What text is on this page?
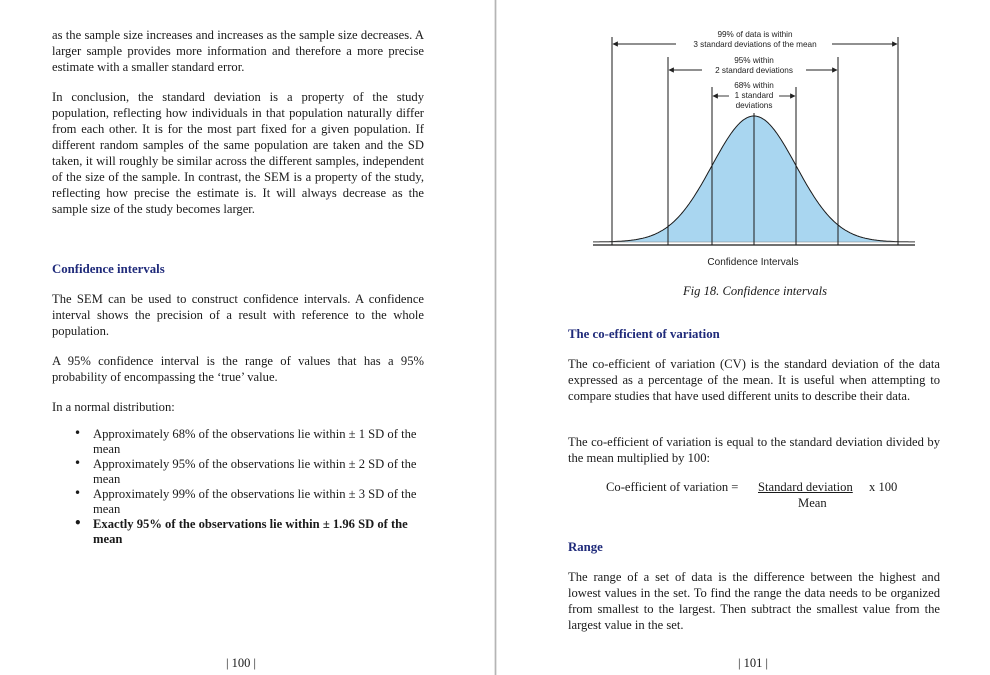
as the sample size increases and increases as the sample size decreases. A larger sample provides more information and therefore a more precise estimate with a smaller standard error.

In conclusion, the standard deviation is a property of the study population, reflecting how individuals in that population naturally differ from each other. It is for the most part fixed for a given population. If different random samples of the same population are taken and the SD taken, it will roughly be similar across the different samples, independent of the size of the sample. In contrast, the SEM is a property of the study, reflecting how precise the estimate is. It will always decrease as the sample size of the study becomes larger.

Confidence intervals

The SEM can be used to construct confidence intervals. A confidence interval shows the precision of a result with reference to the whole population.

A 95% confidence interval is the range of values that has a 95% probability of encompassing the ‘true’ value.

In a normal distribution:

• Approximately 68% of the observations lie within ± 1 SD of the mean
• Approximately 95% of the observations lie within ± 2 SD of the mean
• Approximately 99% of the observations lie within ± 3 SD of the mean
• Exactly 95% of the observations lie within ± 1.96 SD of the mean
| 100 |
99% of data is within
3 standard deviations of the mean
95% within
2 standard deviations
68% within
1 standard
deviations
Confidence Intervals
Fig 18. Confidence intervals
The co-efficient of variation

The co-efficient of variation (CV) is the standard deviation of the data expressed as a percentage of the mean. It is useful when attempting to compare studies that have used different units to describe their data.

The co-efficient of variation is equal to the standard deviation divided by the mean multiplied by 100:

Co-efficient of variation = Standard deviation x 100
Mean
Range

The range of a set of data is the difference between the highest and lowest values in the set. To find the range the data needs to be organized from smallest to the largest. Then subtract the smallest value from the largest value in the set.

| 101 |
